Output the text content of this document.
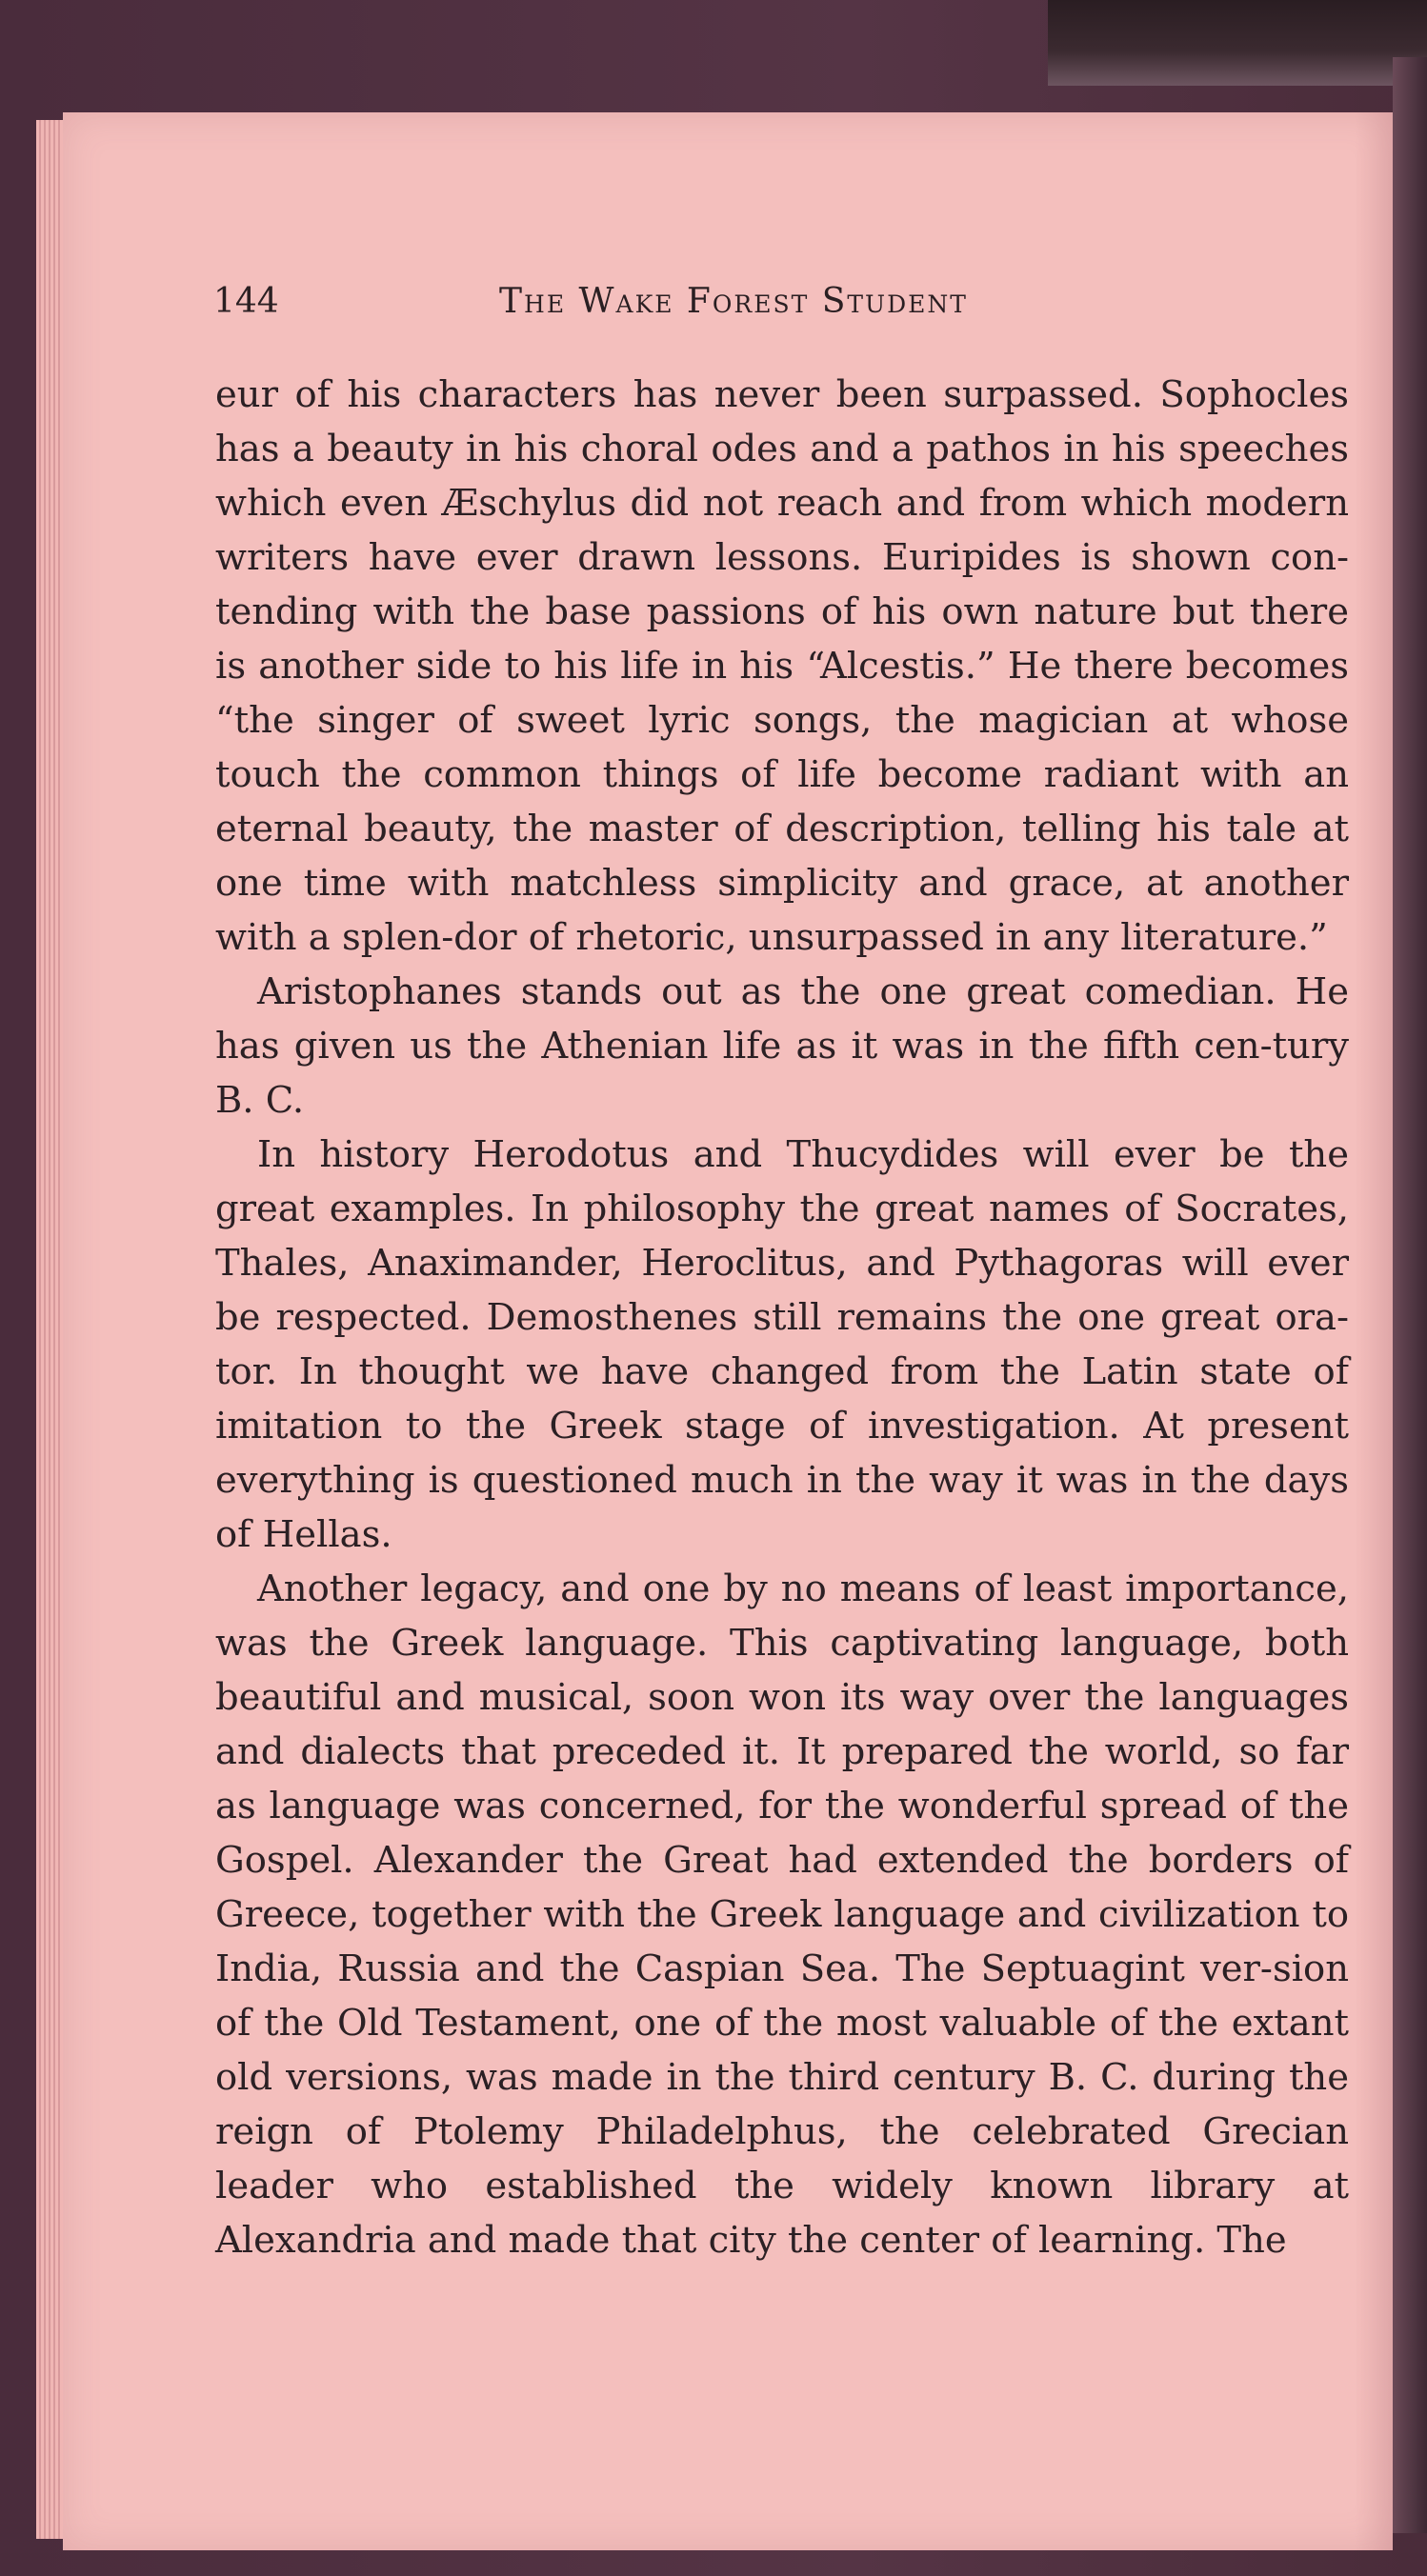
144	The Wake Forest Student

eur of his characters has never been surpassed. Sophocles has a beauty in his choral odes and a pathos in his speeches which even Æschylus did not reach and from which modern writers have ever drawn lessons. Euripides is shown con-tending with the base passions of his own nature but there is another side to his life in his “Alcestis.” He there becomes “the singer of sweet lyric songs, the magician at whose touch the common things of life become radiant with an eternal beauty, the master of description, telling his tale at one time with matchless simplicity and grace, at another with a splen-dor of rhetoric, unsurpassed in any literature.”

Aristophanes stands out as the one great comedian. He has given us the Athenian life as it was in the fifth cen-tury B. C.

In history Herodotus and Thucydides will ever be the great examples. In philosophy the great names of Socrates, Thales, Anaximander, Heroclitus, and Pythagoras will ever be respected. Demosthenes still remains the one great ora-tor. In thought we have changed from the Latin state of imitation to the Greek stage of investigation. At present everything is questioned much in the way it was in the days of Hellas.

Another legacy, and one by no means of least importance, was the Greek language. This captivating language, both beautiful and musical, soon won its way over the languages and dialects that preceded it. It prepared the world, so far as language was concerned, for the wonderful spread of the Gospel. Alexander the Great had extended the borders of Greece, together with the Greek language and civilization to India, Russia and the Caspian Sea. The Septuagint ver-sion of the Old Testament, one of the most valuable of the extant old versions, was made in the third century B. C. during the reign of Ptolemy Philadelphus, the celebrated Grecian leader who established the widely known library at Alexandria and made that city the center of learning. The
